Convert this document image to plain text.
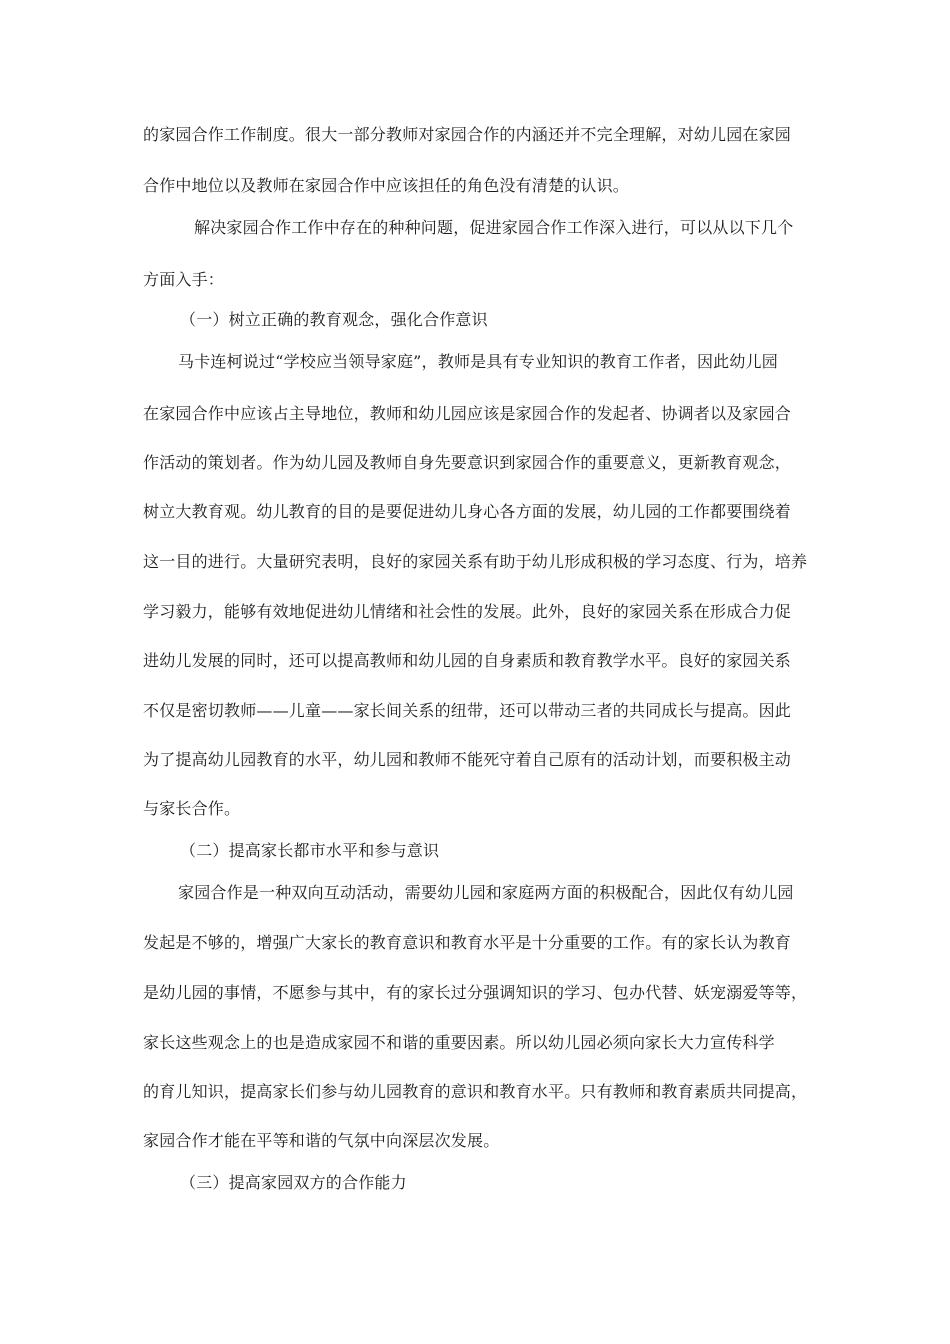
的家园合作工作制度。很大一部分教师对家园合作的内涵还并不完全理解，对幼儿园在家园
合作中地位以及教师在家园合作中应该担任的角色没有清楚的认识。
解决家园合作工作中存在的种种问题，促进家园合作工作深入进行，可以从以下几个
方面入手：
（一）树立正确的教育观念，强化合作意识
马卡连柯说过“学校应当领导家庭”，教师是具有专业知识的教育工作者，因此幼儿园
在家园合作中应该占主导地位，教师和幼儿园应该是家园合作的发起者、协调者以及家园合
作活动的策划者。作为幼儿园及教师自身先要意识到家园合作的重要意义，更新教育观念，
树立大教育观。幼儿教育的目的是要促进幼儿身心各方面的发展，幼儿园的工作都要围绕着
这一目的进行。大量研究表明，良好的家园关系有助于幼儿形成积极的学习态度、行为，培养
学习毅力，能够有效地促进幼儿情绪和社会性的发展。此外，良好的家园关系在形成合力促
进幼儿发展的同时，还可以提高教师和幼儿园的自身素质和教育教学水平。良好的家园关系
不仅是密切教师——儿童——家长间关系的纽带，还可以带动三者的共同成长与提高。因此
为了提高幼儿园教育的水平，幼儿园和教师不能死守着自己原有的活动计划，而要积极主动
与家长合作。
（二）提高家长都市水平和参与意识
家园合作是一种双向互动活动，需要幼儿园和家庭两方面的积极配合，因此仅有幼儿园
发起是不够的，增强广大家长的教育意识和教育水平是十分重要的工作。有的家长认为教育
是幼儿园的事情，不愿参与其中，有的家长过分强调知识的学习、包办代替、妖宠溺爱等等，
家长这些观念上的也是造成家园不和谐的重要因素。所以幼儿园必须向家长大力宣传科学
的育儿知识，提高家长们参与幼儿园教育的意识和教育水平。只有教师和教育素质共同提高，
家园合作才能在平等和谐的气氛中向深层次发展。
（三）提高家园双方的合作能力
